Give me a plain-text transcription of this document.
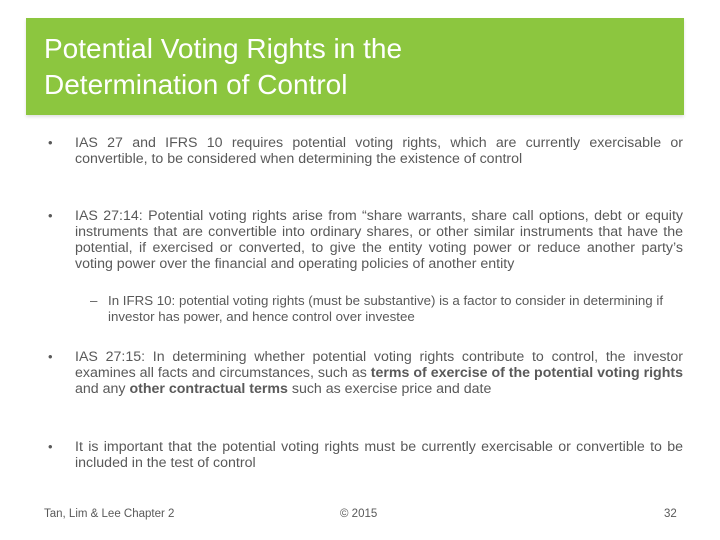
Potential Voting Rights in the
Determination of Control
• IAS 27 and IFRS 10 requires potential voting rights, which are currently exercisable or convertible, to be considered when determining the existence of control
• IAS 27:14: Potential voting rights arise from “share warrants, share call options, debt or equity instruments that are convertible into ordinary shares, or other similar instruments that have the potential, if exercised or converted, to give the entity voting power or reduce another party’s voting power over the financial and operating policies of another entity
– In IFRS 10: potential voting rights (must be substantive) is a factor to consider in determining if investor has power, and hence control over investee
• IAS 27:15: In determining whether potential voting rights contribute to control, the investor examines all facts and circumstances, such as terms of exercise of the potential voting rights and any other contractual terms such as exercise price and date
• It is important that the potential voting rights must be currently exercisable or convertible to be included in the test of control
Tan, Lim & Lee Chapter 2	© 2015	32
